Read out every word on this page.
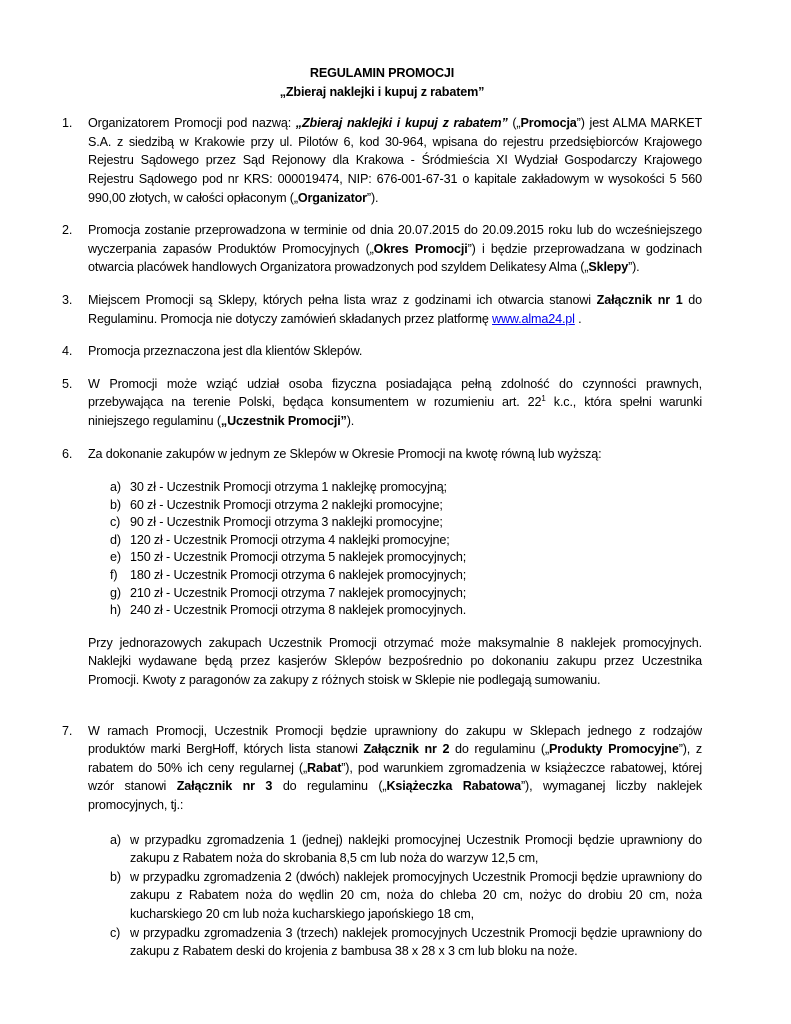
REGULAMIN PROMOCJI

„Zbieraj naklejki i kupuj z rabatem”

1. Organizatorem Promocji pod nazwą: „Zbieraj naklejki i kupuj z rabatem” („Promocja”) jest ALMA MARKET S.A. z siedzibą w Krakowie przy ul. Pilotów 6, kod 30-964, wpisana do rejestru przedsiębiorców Krajowego Rejestru Sądowego przez Sąd Rejonowy dla Krakowa - Śródmieścia XI Wydział Gospodarczy Krajowego Rejestru Sądowego pod nr KRS: 000019474, NIP: 676-001-67-31 o kapitale zakładowym w wysokości 5 560 990,00 złotych, w całości opłaconym („Organizator”).
2. Promocja zostanie przeprowadzona w terminie od dnia 20.07.2015 do 20.09.2015 roku lub do wcześniejszego wyczerpania zapasów Produktów Promocyjnych („Okres Promocji”) i będzie przeprowadzana w godzinach otwarcia placówek handlowych Organizatora prowadzonych pod szyldem Delikatesy Alma („Sklepy”).
3. Miejscem Promocji są Sklepy, których pełna lista wraz z godzinami ich otwarcia stanowi Załącznik nr 1 do Regulaminu. Promocja nie dotyczy zamówień składanych przez platformę www.alma24.pl .
4. Promocja przeznaczona jest dla klientów Sklepów.
5. W Promocji może wziąć udział osoba fizyczna posiadająca pełną zdolność do czynności prawnych, przebywająca na terenie Polski, będąca konsumentem w rozumieniu art. $22^1$ k.c., która spełni warunki niniejszego regulaminu („Uczestnik Promocji”).
6. Za dokonanie zakupów w jednym ze Sklepów w Okresie Promocji na kwotę równą lub wyższą:
a) 30 zł - Uczestnik Promocji otrzyma 1 naklejkę promocyjną;
b) 60 zł - Uczestnik Promocji otrzyma 2 naklejki promocyjne;
c) 90 zł - Uczestnik Promocji otrzyma 3 naklejki promocyjne;
d) 120 zł - Uczestnik Promocji otrzyma 4 naklejki promocyjne;
e) 150 zł - Uczestnik Promocji otrzyma 5 naklejek promocyjnych;
f) 180 zł - Uczestnik Promocji otrzyma 6 naklejek promocyjnych;
g) 210 zł - Uczestnik Promocji otrzyma 7 naklejek promocyjnych;
h) 240 zł - Uczestnik Promocji otrzyma 8 naklejek promocyjnych.

Przy jednorazowych zakupach Uczestnik Promocji otrzymać może maksymalnie 8 naklejek promocyjnych. Naklejki wydawane będą przez kasjerów Sklepów bezpośrednio po dokonaniu zakupu przez Uczestnika Promocji. Kwoty z paragonów za zakupy z różnych stoisk w Sklepie nie podlegają sumowaniu.

7. W ramach Promocji, Uczestnik Promocji będzie uprawniony do zakupu w Sklepach jednego z rodzajów produktów marki BergHoff, których lista stanowi Załącznik nr 2 do regulaminu („Produkty Promocyjne”), z rabatem do 50% ich ceny regularnej („Rabat”), pod warunkiem zgromadzenia w książeczce rabatowej, której wzór stanowi Załącznik nr 3 do regulaminu („Książeczka Rabatowa”), wymaganej liczby naklejek promocyjnych, tj.:
a) w przypadku zgromadzenia 1 (jednej) naklejki promocyjnej Uczestnik Promocji będzie uprawniony do zakupu z Rabatem noża do skrobania 8,5 cm lub noża do warzyw 12,5 cm,
b) w przypadku zgromadzenia 2 (dwóch) naklejek promocyjnych Uczestnik Promocji będzie uprawniony do zakupu z Rabatem noża do wędlin 20 cm, noża do chleba 20 cm, nożyc do drobiu 20 cm, noża kucharskiego 20 cm lub noża kucharskiego japońskiego 18 cm,
c) w przypadku zgromadzenia 3 (trzech) naklejek promocyjnych Uczestnik Promocji będzie uprawniony do zakupu z Rabatem deski do krojenia z bambusa 38 x 28 x 3 cm lub bloku na noże.
